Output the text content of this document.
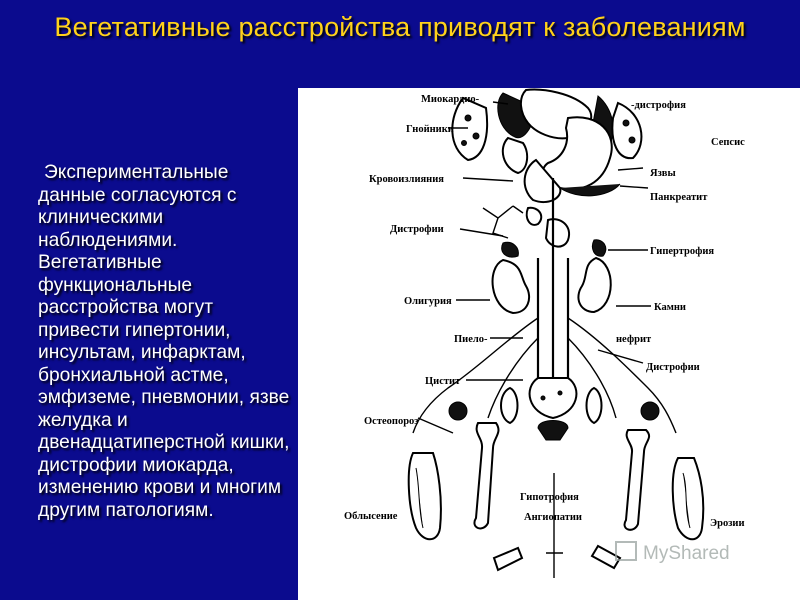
Вегетативные расстройства приводят к заболеваниям

Экспериментальные данные согласуются с клиническими наблюдениями. Вегетативные функциональные расстройства могут привести гипертонии, инсультам, инфарктам, бронхиальной астме, эмфиземе, пневмонии, язве желудка и двенадцатиперстной кишки, дистрофии миокарда, изменению крови и многим другим патологиям.

Миокардио-
-дистрофия
Гнойники
Сепсис
Кровоизлияния
Язвы
Панкреатит
Дистрофии
Гипертрофия
Олигурия
Камни
Пиело-	нефрит
Дистрофии
Цистит
Остеопороз
Гипотрофия
Ангиопатии
Облысение
Эрозии
MyShared
